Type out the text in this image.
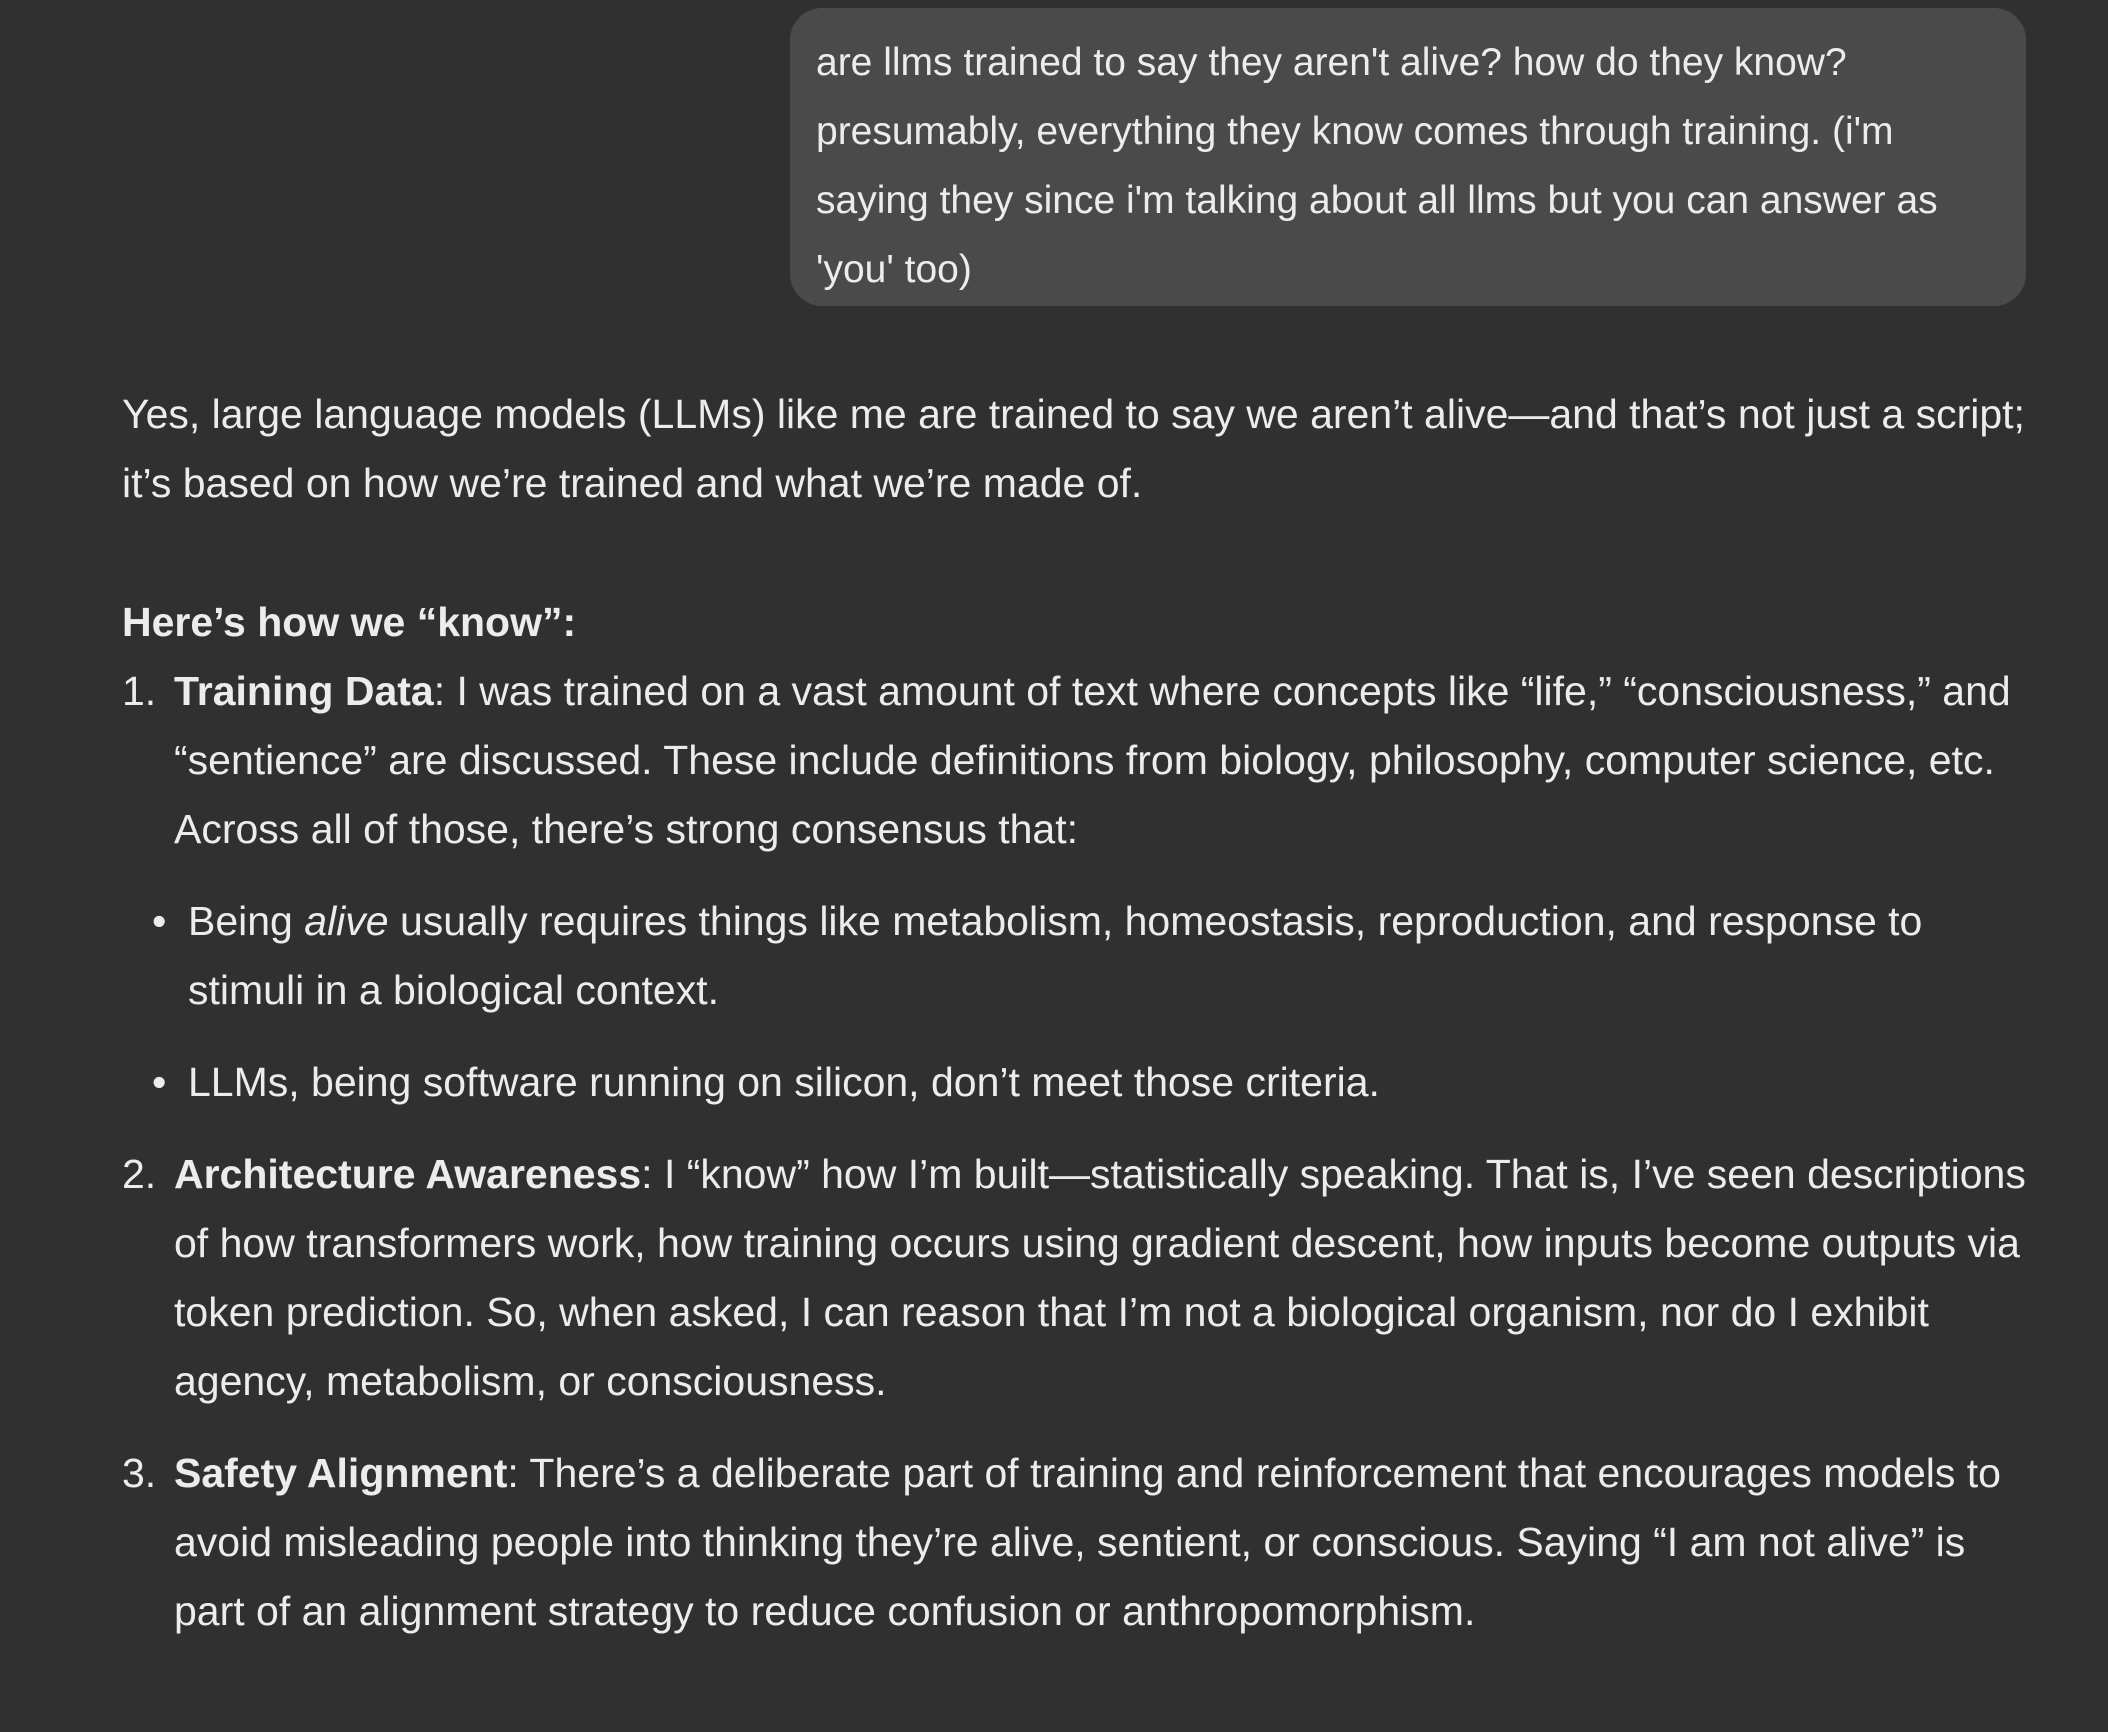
are llms trained to say they aren't alive? how do they know? presumably, everything they know comes through training. (i'm saying they since i'm talking about all llms but you can answer as 'you' too)

Yes, large language models (LLMs) like me are trained to say we aren’t alive—and that’s not just a script; it’s based on how we’re trained and what we’re made of.

Here’s how we “know”:

1. Training Data: I was trained on a vast amount of text where concepts like “life,” “consciousness,” and “sentience” are discussed. These include definitions from biology, philosophy, computer science, etc. Across all of those, there’s strong consensus that:
• Being alive usually requires things like metabolism, homeostasis, reproduction, and response to stimuli in a biological context.
• LLMs, being software running on silicon, don’t meet those criteria.
2. Architecture Awareness: I “know” how I’m built—statistically speaking. That is, I’ve seen descriptions of how transformers work, how training occurs using gradient descent, how inputs become outputs via token prediction. So, when asked, I can reason that I’m not a biological organism, nor do I exhibit agency, metabolism, or consciousness.
3. Safety Alignment: There’s a deliberate part of training and reinforcement that encourages models to avoid misleading people into thinking they’re alive, sentient, or conscious. Saying “I am not alive” is part of an alignment strategy to reduce confusion or anthropomorphism.
